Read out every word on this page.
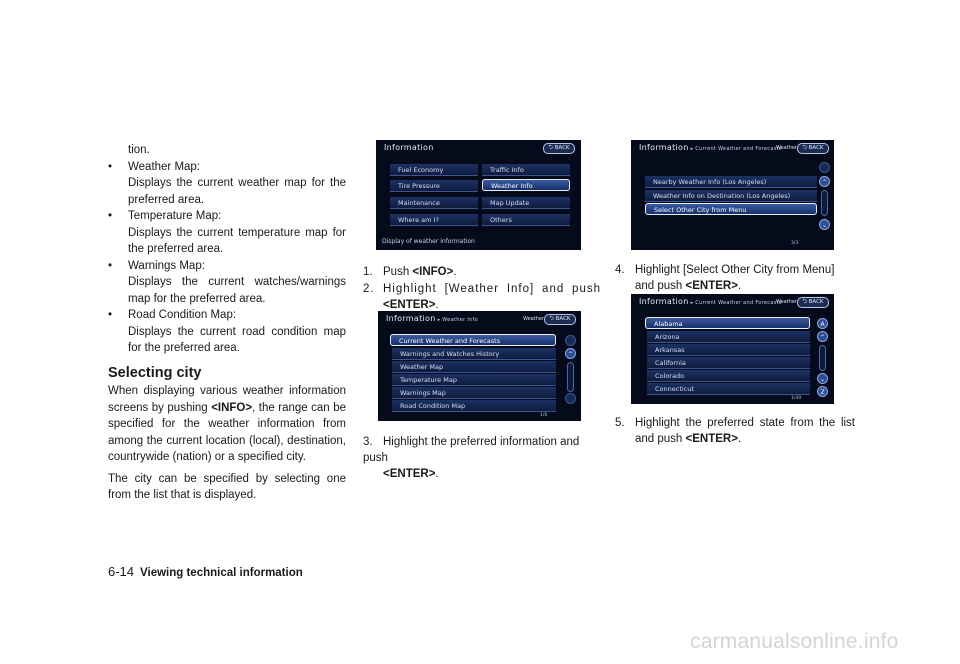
tion.
• Weather Map:
Displays the current weather map for the preferred area.
• Temperature Map:
Displays the current temperature map for the preferred area.
• Warnings Map:
Displays the current watches/warnings map for the preferred area.
• Road Condition Map:
Displays the current road condition map for the preferred area.
Selecting city
When displaying various weather information screens by pushing <INFO>, the range can be specified for the weather information from among the current location (local), destination, countrywide (nation) or a specified city.
The city can be specified by selecting one from the list that is displayed.
Information	⮌ BACK
Fuel Economy
Tire Pressure
Maintenance
Where am I?
Traffic Info
Weather Info
Map Update
Others
Display of weather information
Information ▸ Weather Info	Weather ⮌ BACK
Current Weather and Forecasts
Warnings and Watches History
Weather Map
Temperature Map
Warnings Map
Road Condition Map
⌃
1/6
Information ▸ Current Weather and Forecasts
Weather ⮌ BACK
Nearby Weather Info (Los Angeles)
Weather Info on Destination (Los Angeles)
Select Other City from Menu
⌃
⌄
3/3
Information ▸ Current Weather and Forecasts
Weather ⮌ BACK
Alabama
Arizona
Arkansas
California
Colorado
Connecticut
A
⌃
⌄
Z
1/49
1. Push <INFO>.
2. Highlight [Weather Info] and push
<ENTER>.
3. Highlight the preferred information and push
<ENTER>.
4. Highlight [Select Other City from Menu] and push <ENTER>.
5. Highlight the preferred state from the list and push <ENTER>.
6-14 Viewing technical information
carmanualsonline.info
